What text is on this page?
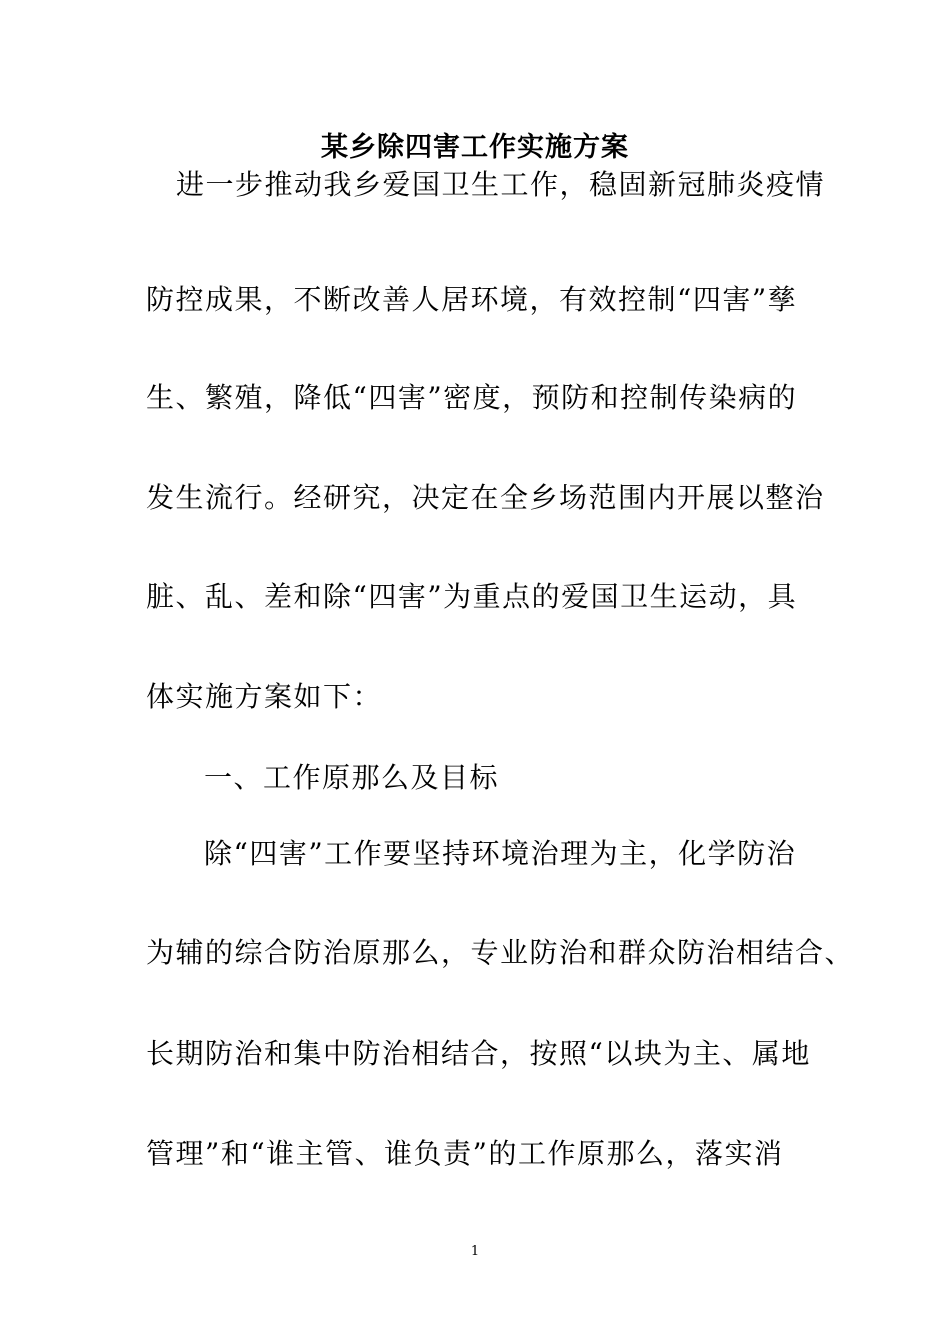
某乡除四害工作实施方案
进一步推动我乡爱国卫生工作，稳固新冠肺炎疫情
防控成果，不断改善人居环境，有效控制“四害”孳
生、繁殖，降低“四害”密度，预防和控制传染病的
发生流行。经研究，决定在全乡场范围内开展以整治
脏、乱、差和除“四害”为重点的爱国卫生运动，具
体实施方案如下：
一、工作原那么及目标
除“四害”工作要坚持环境治理为主，化学防治
为辅的综合防治原那么，专业防治和群众防治相结合、
长期防治和集中防治相结合，按照“以块为主、属地
管理”和“谁主管、谁负责”的工作原那么，落实消
1
